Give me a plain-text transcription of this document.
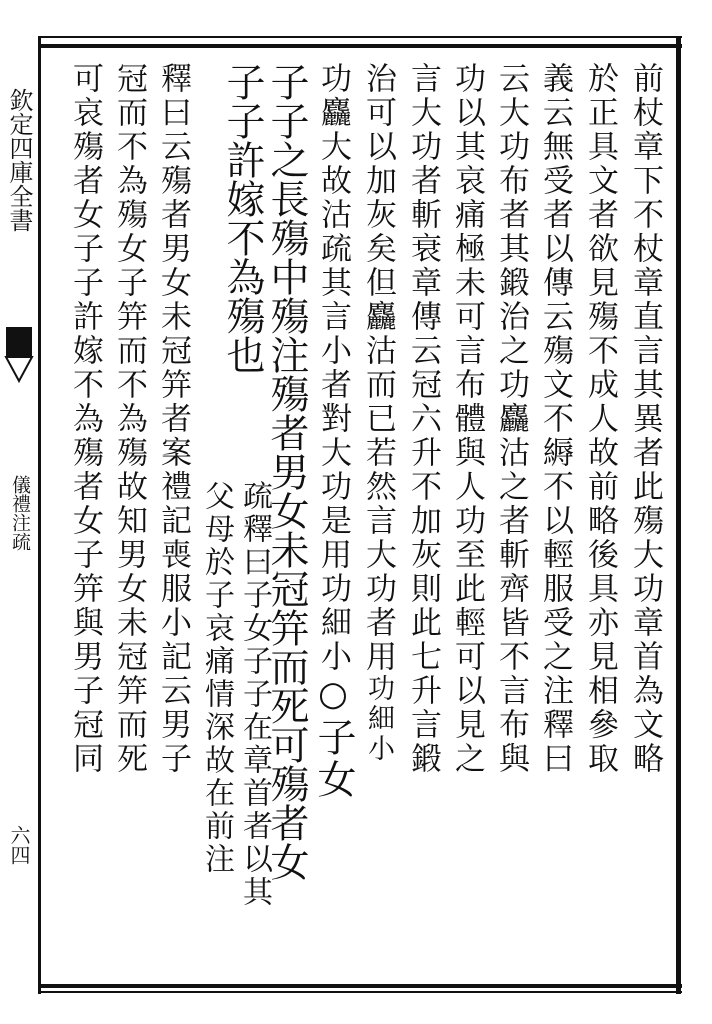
欽定四庫全書
儀禮注疏
六四
前杖章下不杖章直言其異者此殤大功章首為文略
於正具文者欲見殤不成人故前略後具亦見相參取
義云無受者以傳云殤文不縟不以輕服受之注釋曰
云大功布者其鍛治之功麤沽之者斬齊皆不言布與
功以其哀痛極未可言布體與人功至此輕可以見之
言大功者斬衰章傳云冠六升不加灰則此七升言鍛
治可以加灰矣但麤沽而已若然言大功者用功細小
功麤大故沽疏其言小者對大功是用功細小○子女
子子之長殤中殤注殤者男女未冠笄而死可殤者女
子子許嫁不為殤也
疏釋曰子女子子在章首者以其
父母於子哀痛情深故在前注
釋曰云殤者男女未冠笄者案禮記喪服小記云男子
冠而不為殤女子笄而不為殤故知男女未冠笄而死
可哀殤者女子子許嫁不為殤者女子笄與男子冠同
